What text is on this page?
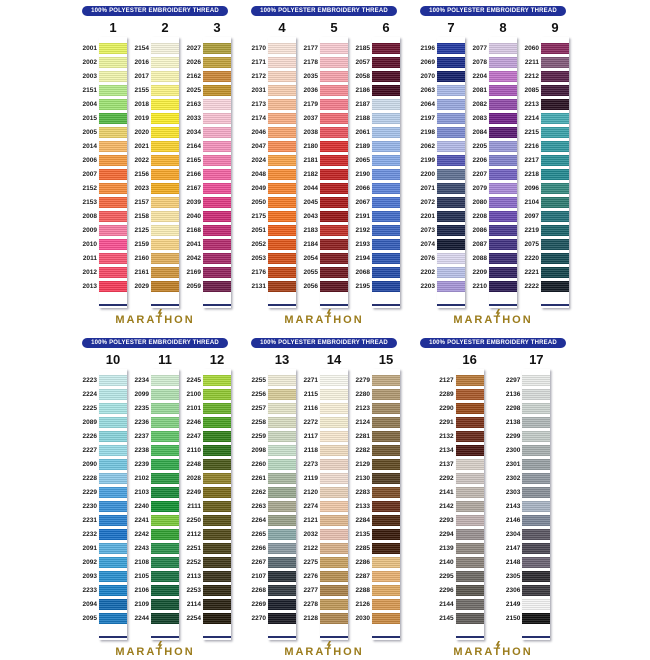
100% POLYESTER EMBROIDERY THREAD
1
2001
2002
2003
2151
2004
2015
2005
2014
2006
2007
2152
2153
2008
2009
2010
2011
2012
2013
2
2154
2016
2017
2155
2018
2019
2020
2021
2022
2156
2023
2157
2158
2125
2159
2160
2161
2029
3
2027
2026
2162
2025
2163
2033
2034
2164
2165
2166
2167
2039
2040
2168
2041
2042
2169
2059
MARATHON
100% POLYESTER EMBROIDERY THREAD
4
2170
2171
2172
2031
2173
2174
2046
2047
2024
2048
2049
2050
2175
2051
2052
2053
2176
2131
5
2177
2178
2035
2036
2179
2037
2038
2180
2181
2182
2044
2045
2043
2183
2184
2054
2055
2056
6
2185
2057
2058
2186
2187
2188
2061
2189
2065
2190
2066
2067
2191
2192
2193
2194
2068
2195
MARATHON
100% POLYESTER EMBROIDERY THREAD
7
2196
2069
2070
2063
2064
2197
2198
2062
2199
2200
2071
2072
2201
2073
2074
2076
2202
2203
8
2077
2078
2204
2081
2082
2083
2084
2205
2206
2207
2079
2080
2208
2086
2087
2088
2209
2210
9
2060
2211
2212
2085
2213
2214
2215
2216
2217
2218
2096
2104
2097
2219
2075
2220
2221
2222
MARATHON
100% POLYESTER EMBROIDERY THREAD
10
2223
2224
2225
2089
2226
2227
2090
2228
2229
2230
2231
2232
2091
2092
2093
2233
2094
2095
11
2234
2099
2235
2236
2237
2238
2239
2102
2103
2240
2241
2242
2243
2108
2105
2106
2109
2244
12
2245
2100
2101
2246
2247
2110
2248
2028
2249
2111
2250
2112
2251
2252
2113
2253
2114
2254
MARATHON
100% POLYESTER EMBROIDERY THREAD
13
2255
2256
2257
2258
2259
2098
2260
2261
2262
2263
2264
2265
2266
2267
2107
2268
2269
2270
14
2271
2115
2116
2272
2117
2118
2273
2119
2120
2274
2121
2032
2122
2275
2276
2277
2278
2128
15
2279
2280
2123
2124
2281
2282
2129
2130
2283
2133
2284
2135
2285
2286
2287
2288
2126
2030
MARATHON
100% POLYESTER EMBROIDERY THREAD
16
2127
2289
2290
2291
2132
2134
2137
2292
2141
2142
2293
2294
2139
2140
2295
2296
2144
2145
17
2297
2136
2298
2138
2299
2300
2301
2302
2303
2143
2146
2304
2147
2148
2305
2306
2149
2150
MARATHON
